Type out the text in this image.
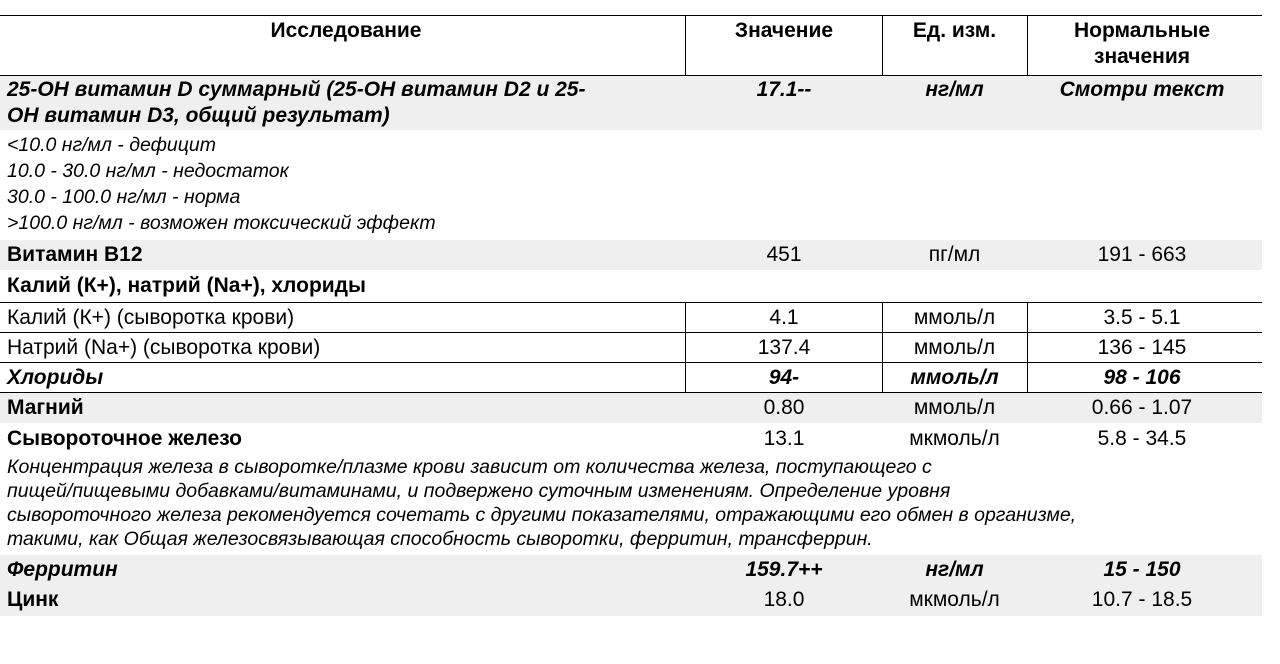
Исследование	Значение	Ед. изм.	Нормальные
значения
25-ОН витамин D суммарный (25-ОН витамин D2 и 25-
ОН витамин D3, общий результат)
17.1--	нг/мл	Смотри текст
<10.0 нг/мл - дефицит
10.0 - 30.0 нг/мл - недостаток
30.0 - 100.0 нг/мл - норма
>100.0 нг/мл - возможен токсический эффект
Витамин B12	451	пг/мл	191 - 663
Калий (К+), натрий (Na+), хлориды
Калий (К+) (сыворотка крови)	4.1	ммоль/л	3.5 - 5.1
Натрий (Na+) (сыворотка крови)	137.4	ммоль/л	136 - 145
Хлориды	94-	ммоль/л	98 - 106
Магний	0.80	ммоль/л	0.66 - 1.07
Сывороточное железо	13.1	мкмоль/л	5.8 - 34.5
Концентрация железа в сыворотке/плазме крови зависит от количества железа, поступающего с
пищей/пищевыми добавками/витаминами, и подвержено суточным изменениям. Определение уровня
сывороточного железа рекомендуется сочетать с другими показателями, отражающими его обмен в организме,
такими, как Общая железосвязывающая способность сыворотки, ферритин, трансферрин.
Ферритин	159.7++	нг/мл	15 - 150
Цинк	18.0	мкмоль/л	10.7 - 18.5
